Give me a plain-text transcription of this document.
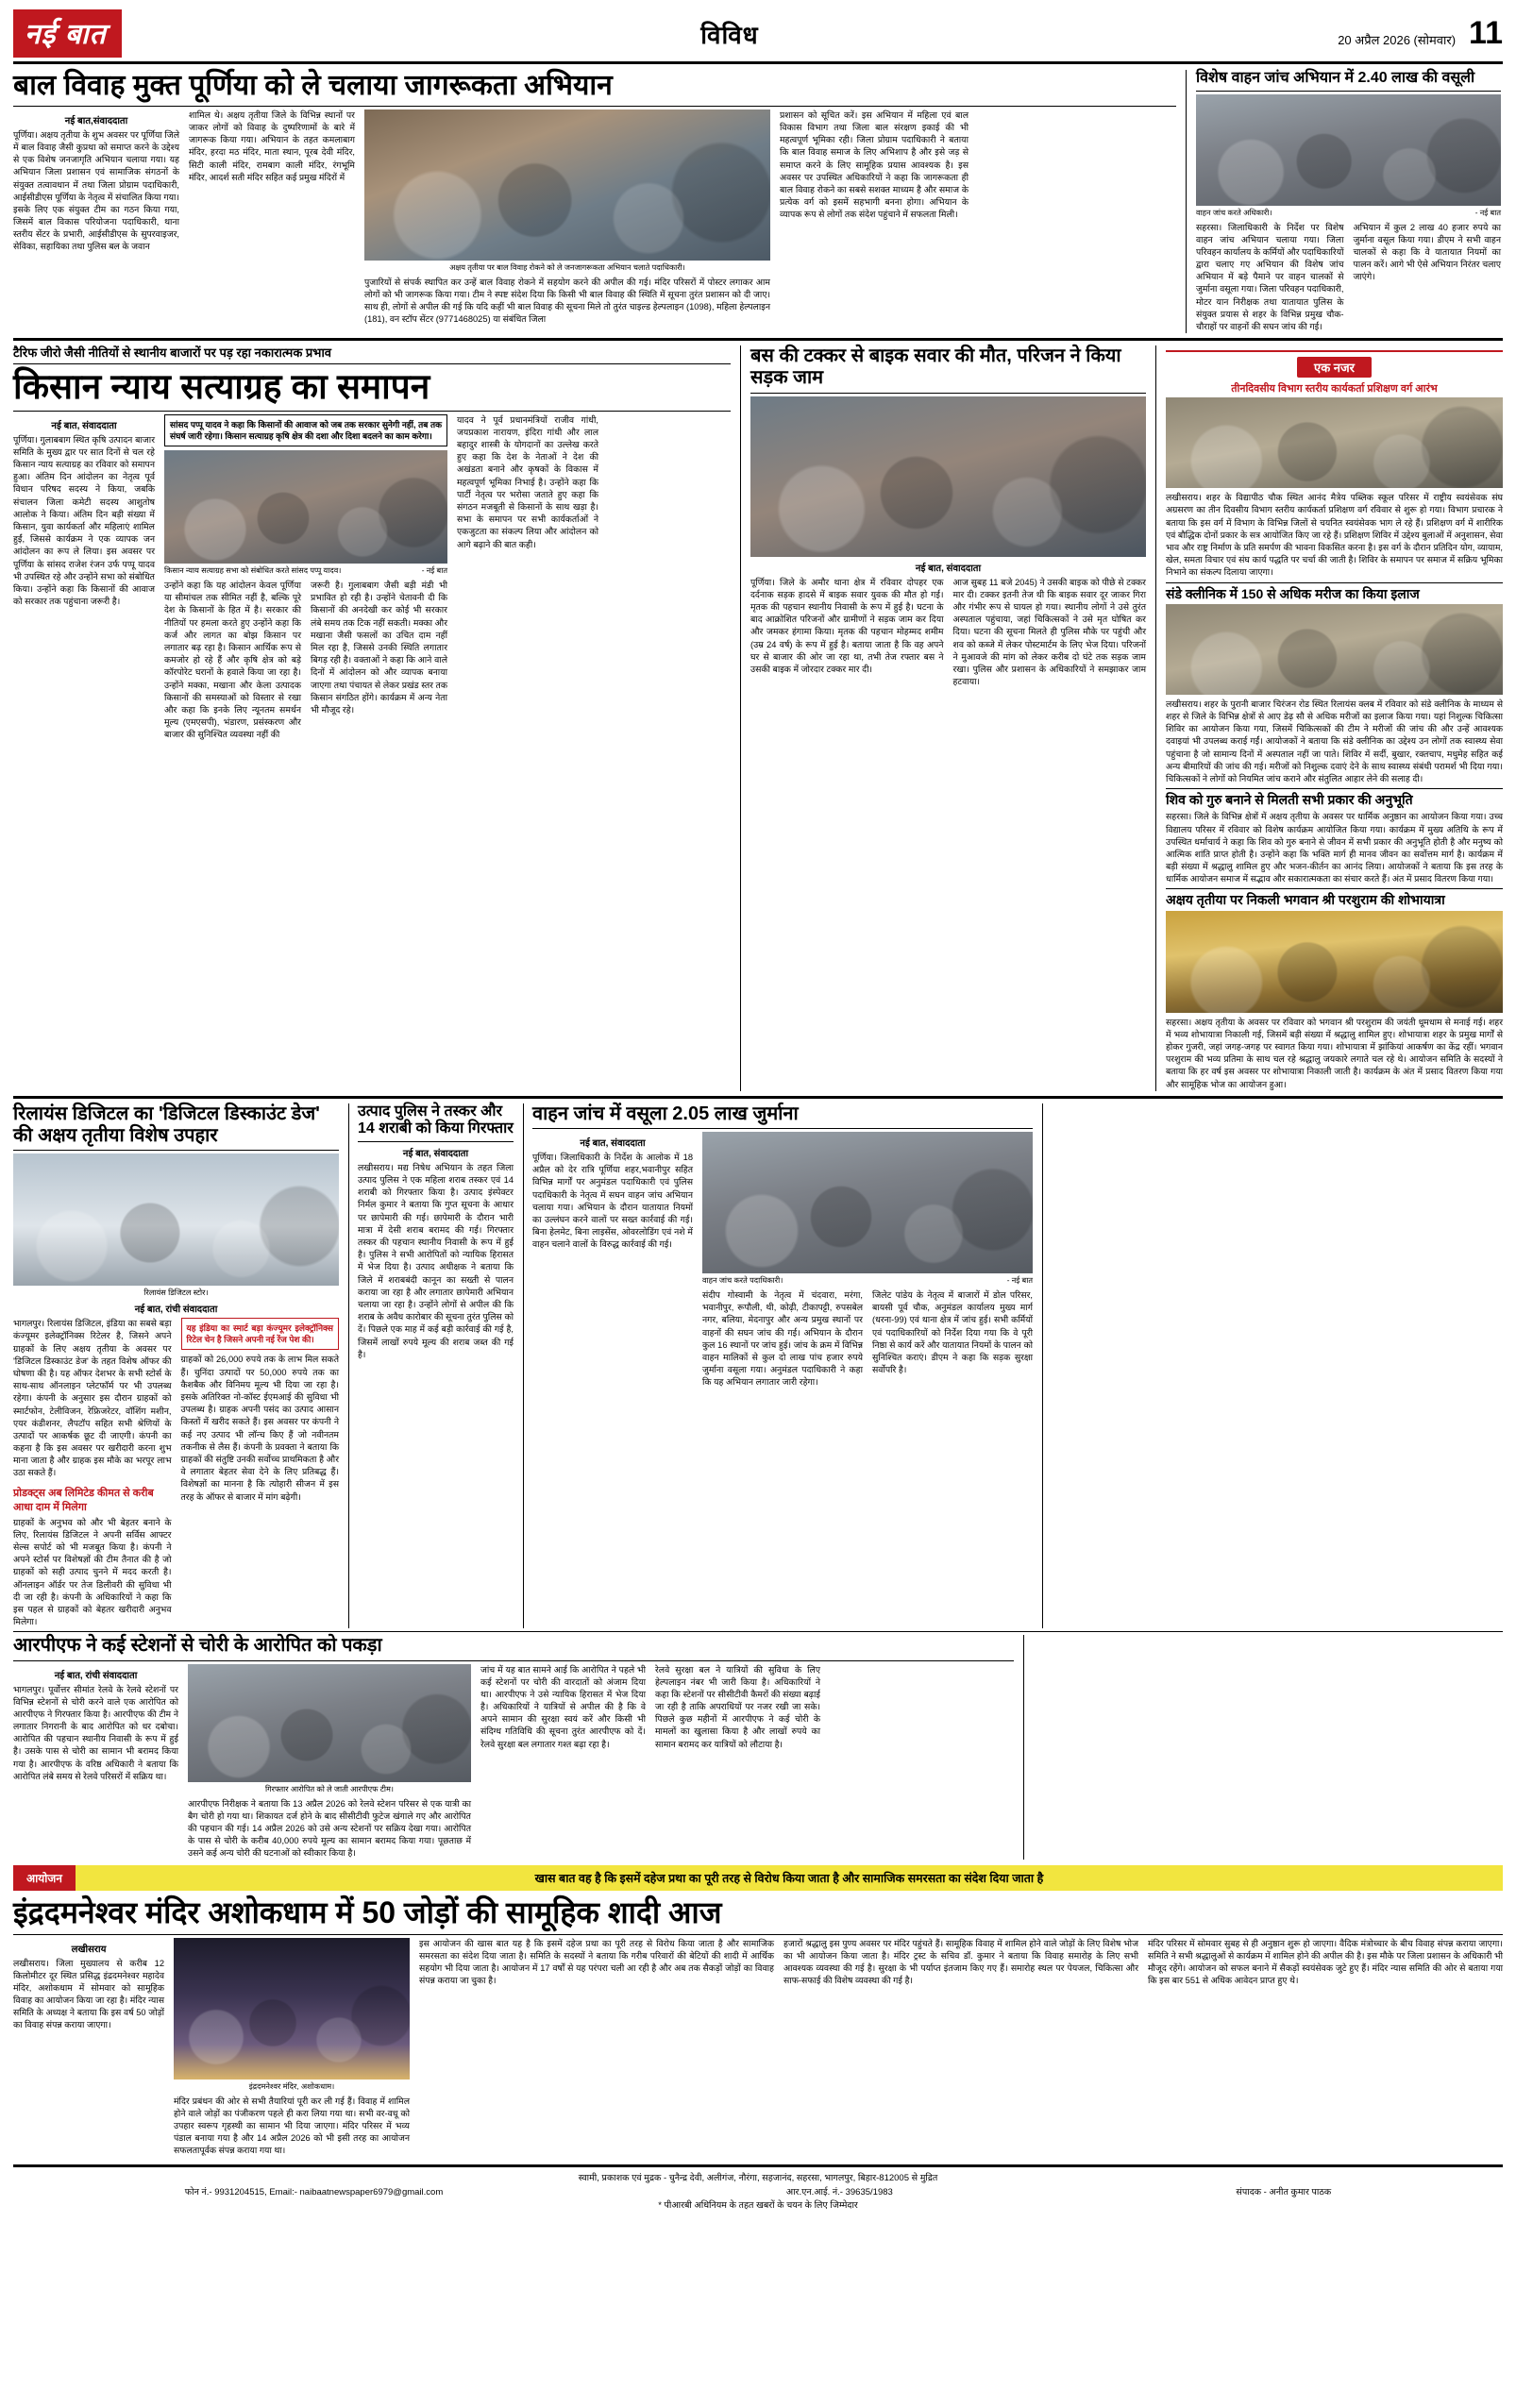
नई बात	विविध	20 अप्रैल 2026 (सोमवार) 11
बाल विवाह मुक्त पूर्णिया को ले चलाया जागरूकता अभियान
नई बात,संवाददाता
पूर्णिया। अक्षय तृतीया के शुभ अवसर पर पूर्णिया जिले में बाल विवाह जैसी कुप्रथा को समाप्त करने के उद्देश्य से एक विशेष जनजागृति अभियान चलाया गया। यह अभियान जिला प्रशासन एवं सामाजिक संगठनों के संयुक्त तत्वावधान में तथा जिला प्रोग्राम पदाधिकारी, आईसीडीएस पूर्णिया के नेतृत्व में संचालित किया गया। इसके लिए एक संयुक्त टीम का गठन किया गया, जिसमें बाल विकास परियोजना पदाधिकारी, थाना स्तरीय सेंटर के प्रभारी, आईसीडीएस के सुपरवाइजर, सेविका, सहायिका तथा पुलिस बल के जवान
शामिल थे। अक्षय तृतीया जिले के विभिन्न स्थानों पर जाकर लोगों को विवाह के दुष्परिणामों के बारे में जागरूक किया गया। अभियान के तहत कमलाबाग मंदिर, हरदा मठ मंदिर, माता स्थान, पूरब देवी मंदिर, सिटी काली मंदिर, रामबाग काली मंदिर, रंगभूमि मंदिर, आदर्श सती मंदिर सहित कई प्रमुख मंदिरों में
अक्षय तृतीया पर बाल विवाह रोकने को ले जनजागरूकता अभियान चलाते पदाधिकारी।
पुजारियों से संपर्क स्थापित कर उन्हें बाल विवाह रोकने में सहयोग करने की अपील की गई। मंदिर परिसरों में पोस्टर लगाकर आम लोगों को भी जागरूक किया गया। टीम ने स्पष्ट संदेश दिया कि किसी भी बाल विवाह की स्थिति में सूचना तुरंत प्रशासन को दी जाए। साथ ही, लोगों से अपील की गई कि यदि कहीं भी बाल विवाह की सूचना मिले तो तुरंत चाइल्ड हेल्पलाइन (1098), महिला हेल्पलाइन (181), वन स्टॉप सेंटर (9771468025) या संबंधित जिला
प्रशासन को सूचित करें। इस अभियान में महिला एवं बाल विकास विभाग तथा जिला बाल संरक्षण इकाई की भी महत्वपूर्ण भूमिका रही। जिला प्रोग्राम पदाधिकारी ने बताया कि बाल विवाह समाज के लिए अभिशाप है और इसे जड़ से समाप्त करने के लिए सामूहिक प्रयास आवश्यक है। इस अवसर पर उपस्थित अधिकारियों ने कहा कि जागरूकता ही बाल विवाह रोकने का सबसे सशक्त माध्यम है और समाज के प्रत्येक वर्ग को इसमें सहभागी बनना होगा। अभियान के व्यापक रूप से लोगों तक संदेश पहुंचाने में सफलता मिली।
विशेष वाहन जांच अभियान में 2.40 लाख की वसूली
वाहन जांच करते अधिकारी।	- नई बात
सहरसा। जिलाधिकारी के निर्देश पर विशेष वाहन जांच अभियान चलाया गया। जिला परिवहन कार्यालय के कर्मियों और पदाधिकारियों द्वारा चलाए गए अभियान की विशेष जांच अभियान में बड़े पैमाने पर वाहन चालकों से जुर्माना वसूला गया। जिला परिवहन पदाधिकारी, मोटर यान निरीक्षक तथा यातायात पुलिस के संयुक्त प्रयास से शहर के विभिन्न प्रमुख चौक-चौराहों पर वाहनों की सघन जांच की गई।
अभियान में कुल 2 लाख 40 हजार रुपये का जुर्माना वसूल किया गया। डीएम ने सभी वाहन चालकों से कहा कि वे यातायात नियमों का पालन करें। आगे भी ऐसे अभियान निरंतर चलाए जाएंगे।
टैरिफ जीरो जैसी नीतियों से स्थानीय बाजारों पर पड़ रहा नकारात्मक प्रभाव
किसान न्याय सत्याग्रह का समापन
नई बात, संवाददाता
पूर्णिया। गुलाबबाग स्थित कृषि उत्पादन बाजार समिति के मुख्य द्वार पर सात दिनों से चल रहे किसान न्याय सत्याग्रह का रविवार को समापन हुआ। अंतिम दिन आंदोलन का नेतृत्व पूर्व विधान परिषद सदस्य ने किया, जबकि संचालन जिला कमेटी सदस्य आशुतोष आलोक ने किया। अंतिम दिन बड़ी संख्या में किसान, युवा कार्यकर्ता और महिलाएं शामिल हुईं, जिससे कार्यक्रम ने एक व्यापक जन आंदोलन का रूप ले लिया। इस अवसर पर पूर्णिया के सांसद राजेश रंजन उर्फ पप्पू यादव भी उपस्थित रहे और उन्होंने सभा को संबोधित किया। उन्होंने कहा कि किसानों की आवाज को सरकार तक पहुंचाना जरूरी है।
सांसद पप्पू यादव ने कहा कि किसानों की आवाज को जब तक सरकार सुनेगी नहीं, तब तक संघर्ष जारी रहेगा। किसान सत्याग्रह कृषि क्षेत्र की दशा और दिशा बदलने का काम करेगा।
किसान न्याय सत्याग्रह सभा को संबोधित करते सांसद पप्पू यादव।	- नई बात
उन्होंने कहा कि यह आंदोलन केवल पूर्णिया या सीमांचल तक सीमित नहीं है, बल्कि पूरे देश के किसानों के हित में है। सरकार की नीतियों पर हमला करते हुए उन्होंने कहा कि कर्ज और लागत का बोझ किसान पर लगातार बढ़ रहा है। किसान आर्थिक रूप से कमजोर हो रहे हैं और कृषि क्षेत्र को बड़े कॉरपोरेट घरानों के हवाले किया जा रहा है। उन्होंने मक्का, मखाना और केला उत्पादक किसानों की समस्याओं को विस्तार से रखा और कहा कि इनके लिए न्यूनतम समर्थन मूल्य (एमएसपी), भंडारण, प्रसंस्करण और बाजार की सुनिश्चित व्यवस्था नहीं की
जरूरी है। गुलाबबाग जैसी बड़ी मंडी भी प्रभावित हो रही है। उन्होंने चेतावनी दी कि किसानों की अनदेखी कर कोई भी सरकार लंबे समय तक टिक नहीं सकती। मक्का और मखाना जैसी फसलों का उचित दाम नहीं मिल रहा है, जिससे उनकी स्थिति लगातार बिगड़ रही है। वक्ताओं ने कहा कि आने वाले दिनों में आंदोलन को और व्यापक बनाया जाएगा तथा पंचायत से लेकर प्रखंड स्तर तक किसान संगठित होंगे। कार्यक्रम में अन्य नेता भी मौजूद रहे।
यादव ने पूर्व प्रधानमंत्रियों राजीव गांधी, जयप्रकाश नारायण, इंदिरा गांधी और लाल बहादुर शास्त्री के योगदानों का उल्लेख करते हुए कहा कि देश के नेताओं ने देश की अखंडता बनाने और कृषकों के विकास में महत्वपूर्ण भूमिका निभाई है। उन्होंने कहा कि पार्टी नेतृत्व पर भरोसा जताते हुए कहा कि संगठन मजबूती से किसानों के साथ खड़ा है। सभा के समापन पर सभी कार्यकर्ताओं ने एकजुटता का संकल्प लिया और आंदोलन को आगे बढ़ाने की बात कही।
बस की टक्कर से बाइक सवार की मौत, परिजन ने किया सड़क जाम
नई बात, संवाददाता
पूर्णिया। जिले के अमौर थाना क्षेत्र में रविवार दोपहर एक दर्दनाक सड़क हादसे में बाइक सवार युवक की मौत हो गई। मृतक की पहचान स्थानीय निवासी के रूप में हुई है। घटना के बाद आक्रोशित परिजनों और ग्रामीणों ने सड़क जाम कर दिया और जमकर हंगामा किया। मृतक की पहचान मोहम्मद शमीम (उम्र 24 वर्ष) के रूप में हुई है। बताया जाता है कि वह अपने घर से बाजार की ओर जा रहा था, तभी तेज रफ्तार बस ने उसकी बाइक में जोरदार टक्कर मार दी।
आज सुबह 11 बजे 2045) ने उसकी बाइक को पीछे से टक्कर मार दी। टक्कर इतनी तेज थी कि बाइक सवार दूर जाकर गिरा और गंभीर रूप से घायल हो गया। स्थानीय लोगों ने उसे तुरंत अस्पताल पहुंचाया, जहां चिकित्सकों ने उसे मृत घोषित कर दिया। घटना की सूचना मिलते ही पुलिस मौके पर पहुंची और शव को कब्जे में लेकर पोस्टमार्टम के लिए भेज दिया। परिजनों ने मुआवजे की मांग को लेकर करीब दो घंटे तक सड़क जाम रखा। पुलिस और प्रशासन के अधिकारियों ने समझाकर जाम हटवाया।
एक नजर
तीनदिवसीय विभाग स्तरीय कार्यकर्ता प्रशिक्षण वर्ग आरंभ
लखीसराय। शहर के विद्यापीठ चौक स्थित आनंद मैत्रेय पब्लिक स्कूल परिसर में राष्ट्रीय स्वयंसेवक संघ अग्रसरण का तीन दिवसीय विभाग स्तरीय कार्यकर्ता प्रशिक्षण वर्ग रविवार से शुरू हो गया। विभाग प्रचारक ने बताया कि इस वर्ग में विभाग के विभिन्न जिलों से चयनित स्वयंसेवक भाग ले रहे हैं। प्रशिक्षण वर्ग में शारीरिक एवं बौद्धिक दोनों प्रकार के सत्र आयोजित किए जा रहे हैं। प्रशिक्षण शिविर में उद्देश्य बुलाओं में अनुशासन, सेवा भाव और राष्ट्र निर्माण के प्रति समर्पण की भावना विकसित करना है। इस वर्ग के दौरान प्रतिदिन योग, व्यायाम, खेल, समता विचार एवं संघ कार्य पद्धति पर चर्चा की जाती है। शिविर के समापन पर समाज में सक्रिय भूमिका निभाने का संकल्प दिलाया जाएगा।
संडे क्लीनिक में 150 से अधिक मरीज का किया इलाज
लखीसराय। शहर के पुरानी बाजार चिरंजन रोड स्थित रिलायंस क्लब में रविवार को संडे क्लीनिक के माध्यम से शहर से जिले के विभिन्न क्षेत्रों से आए डेढ़ सौ से अधिक मरीजों का इलाज किया गया। यहां निशुल्क चिकित्सा शिविर का आयोजन किया गया, जिसमें चिकित्सकों की टीम ने मरीजों की जांच की और उन्हें आवश्यक दवाइयां भी उपलब्ध कराई गईं। आयोजकों ने बताया कि संडे क्लीनिक का उद्देश्य उन लोगों तक स्वास्थ्य सेवा पहुंचाना है जो सामान्य दिनों में अस्पताल नहीं जा पाते। शिविर में सर्दी, बुखार, रक्तचाप, मधुमेह सहित कई अन्य बीमारियों की जांच की गई। मरीजों को निशुल्क दवाएं देने के साथ स्वास्थ्य संबंधी परामर्श भी दिया गया। चिकित्सकों ने लोगों को नियमित जांच कराने और संतुलित आहार लेने की सलाह दी।
शिव को गुरु बनाने से मिलती सभी प्रकार की अनुभूति
सहरसा। जिले के विभिन्न क्षेत्रों में अक्षय तृतीया के अवसर पर धार्मिक अनुष्ठान का आयोजन किया गया। उच्च विद्यालय परिसर में रविवार को विशेष कार्यक्रम आयोजित किया गया। कार्यक्रम में मुख्य अतिथि के रूप में उपस्थित धर्माचार्य ने कहा कि शिव को गुरु बनाने से जीवन में सभी प्रकार की अनुभूति होती है और मनुष्य को आत्मिक शांति प्राप्त होती है। उन्होंने कहा कि भक्ति मार्ग ही मानव जीवन का सर्वोत्तम मार्ग है। कार्यक्रम में बड़ी संख्या में श्रद्धालु शामिल हुए और भजन-कीर्तन का आनंद लिया। आयोजकों ने बताया कि इस तरह के धार्मिक आयोजन समाज में सद्भाव और सकारात्मकता का संचार करते हैं। अंत में प्रसाद वितरण किया गया।
अक्षय तृतीया पर निकली भगवान श्री परशुराम की शोभायात्रा
सहरसा। अक्षय तृतीया के अवसर पर रविवार को भगवान श्री परशुराम की जयंती धूमधाम से मनाई गई। शहर में भव्य शोभायात्रा निकाली गई, जिसमें बड़ी संख्या में श्रद्धालु शामिल हुए। शोभायात्रा शहर के प्रमुख मार्गों से होकर गुजरी, जहां जगह-जगह पर स्वागत किया गया। शोभायात्रा में झांकियां आकर्षण का केंद्र रहीं। भगवान परशुराम की भव्य प्रतिमा के साथ चल रहे श्रद्धालु जयकारे लगाते चल रहे थे। आयोजन समिति के सदस्यों ने बताया कि हर वर्ष इस अवसर पर शोभायात्रा निकाली जाती है। कार्यक्रम के अंत में प्रसाद वितरण किया गया और सामूहिक भोज का आयोजन हुआ।
रिलायंस डिजिटल का 'डिजिटल डिस्काउंट डेज' की अक्षय तृतीया विशेष उपहार
रिलायंस डिजिटल स्टोर।
नई बात, रांची संवाददाता
भागलपुर। रिलायंस डिजिटल, इंडिया का सबसे बड़ा कंज्यूमर इलेक्ट्रॉनिक्स रिटेलर है, जिसने अपने ग्राहकों के लिए अक्षय तृतीया के अवसर पर 'डिजिटल डिस्काउंट डेज' के तहत विशेष ऑफर की घोषणा की है। यह ऑफर देशभर के सभी स्टोर्स के साथ-साथ ऑनलाइन प्लेटफॉर्म पर भी उपलब्ध रहेगा। कंपनी के अनुसार इस दौरान ग्राहकों को स्मार्टफोन, टेलीविजन, रेफ्रिजरेटर, वॉशिंग मशीन, एयर कंडीशनर, लैपटॉप सहित सभी श्रेणियों के उत्पादों पर आकर्षक छूट दी जाएगी। कंपनी का कहना है कि इस अवसर पर खरीदारी करना शुभ माना जाता है और ग्राहक इस मौके का भरपूर लाभ उठा सकते हैं।
प्रोडक्ट्स अब लिमिटेड कीमत से करीब आधा दाम में मिलेगा
ग्राहकों के अनुभव को और भी बेहतर बनाने के लिए, रिलायंस डिजिटल ने अपनी सर्विस आफ्टर सेल्स सपोर्ट को भी मजबूत किया है। कंपनी ने अपने स्टोर्स पर विशेषज्ञों की टीम तैनात की है जो ग्राहकों को सही उत्पाद चुनने में मदद करती है। ऑनलाइन ऑर्डर पर तेज डिलीवरी की सुविधा भी दी जा रही है। कंपनी के अधिकारियों ने कहा कि इस पहल से ग्राहकों को बेहतर खरीदारी अनुभव मिलेगा।
यह इंडिया का स्मार्ट बड़ा कंज्यूमर इलेक्ट्रॉनिक्स रिटेल चेन है जिसने अपनी नई रेंज पेश की।
ग्राहकों को 26,000 रुपये तक के लाभ मिल सकते हैं। चुनिंदा उत्पादों पर 50,000 रुपये तक का कैशबैक और विनिमय मूल्य भी दिया जा रहा है। इसके अतिरिक्त नो-कॉस्ट ईएमआई की सुविधा भी उपलब्ध है। ग्राहक अपनी पसंद का उत्पाद आसान किस्तों में खरीद सकते हैं। इस अवसर पर कंपनी ने कई नए उत्पाद भी लॉन्च किए हैं जो नवीनतम तकनीक से लैस हैं। कंपनी के प्रवक्ता ने बताया कि ग्राहकों की संतुष्टि उनकी सर्वोच्च प्राथमिकता है और वे लगातार बेहतर सेवा देने के लिए प्रतिबद्ध हैं। विशेषज्ञों का मानना है कि त्योहारी सीजन में इस तरह के ऑफर से बाजार में मांग बढ़ेगी।
उत्पाद पुलिस ने तस्कर और 14 शराबी को किया गिरफ्तार
नई बात, संवाददाता
लखीसराय। मद्य निषेध अभियान के तहत जिला उत्पाद पुलिस ने एक महिला शराब तस्कर एवं 14 शराबी को गिरफ्तार किया है। उत्पाद इंस्पेक्टर निर्मल कुमार ने बताया कि गुप्त सूचना के आधार पर छापेमारी की गई। छापेमारी के दौरान भारी मात्रा में देसी शराब बरामद की गई। गिरफ्तार तस्कर की पहचान स्थानीय निवासी के रूप में हुई है। पुलिस ने सभी आरोपितों को न्यायिक हिरासत में भेज दिया है। उत्पाद अधीक्षक ने बताया कि जिले में शराबबंदी कानून का सख्ती से पालन कराया जा रहा है और लगातार छापेमारी अभियान चलाया जा रहा है। उन्होंने लोगों से अपील की कि शराब के अवैध कारोबार की सूचना तुरंत पुलिस को दें। पिछले एक माह में कई बड़ी कार्रवाई की गई है, जिसमें लाखों रुपये मूल्य की शराब जब्त की गई है।
वाहन जांच में वसूला 2.05 लाख जुर्माना
नई बात, संवाददाता
पूर्णिया। जिलाधिकारी के निर्देश के आलोक में 18 अप्रैल को देर रात्रि पूर्णिया शहर,भवानीपुर सहित विभिन्न मार्गों पर अनुमंडल पदाधिकारी एवं पुलिस पदाधिकारी के नेतृत्व में सघन वाहन जांच अभियान चलाया गया। अभियान के दौरान यातायात नियमों का उल्लंघन करने वालों पर सख्त कार्रवाई की गई। बिना हेलमेट, बिना लाइसेंस, ओवरलोडिंग एवं नशे में वाहन चलाने वालों के विरुद्ध कार्रवाई की गई।
वाहन जांच करते पदाधिकारी।	- नई बात
संदीप गोस्वामी के नेतृत्व में चंदवारा, मरंगा, भवानीपुर, रूपौली, थी, कोढ़ी, टीकापट्टी, रुपसबेल नगर, बलिया, मेदनापुर और अन्य प्रमुख स्थानों पर वाहनों की सघन जांच की गई। अभियान के दौरान कुल 16 स्थानों पर जांच हुई। जांच के क्रम में विभिन्न वाहन मालिकों से कुल दो लाख पांच हजार रुपये जुर्माना वसूला गया। अनुमंडल पदाधिकारी ने कहा कि यह अभियान लगातार जारी रहेगा।
जिलेट पांडेय के नेतृत्व में बाजारों में डोल परिसर, बायसी पूर्व चौक, अनुमंडल कार्यालय मुख्य मार्ग (धरना-99) एवं थाना क्षेत्र में जांच हुई। सभी कर्मियों एवं पदाधिकारियों को निर्देश दिया गया कि वे पूरी निष्ठा से कार्य करें और यातायात नियमों के पालन को सुनिश्चित कराएं। डीएम ने कहा कि सड़क सुरक्षा सर्वोपरि है।
आरपीएफ ने कई स्टेशनों से चोरी के आरोपित को पकड़ा
नई बात, रांची संवाददाता
भागलपुर। पूर्वोत्तर सीमांत रेलवे के रेलवे स्टेशनों पर विभिन्न स्टेशनों से चोरी करने वाले एक आरोपित को आरपीएफ ने गिरफ्तार किया है। आरपीएफ की टीम ने लगातार निगरानी के बाद आरोपित को धर दबोचा। आरोपित की पहचान स्थानीय निवासी के रूप में हुई है। उसके पास से चोरी का सामान भी बरामद किया गया है। आरपीएफ के वरिष्ठ अधिकारी ने बताया कि आरोपित लंबे समय से रेलवे परिसरों में सक्रिय था।
गिरफ्तार आरोपित को ले जाती आरपीएफ टीम।
आरपीएफ निरीक्षक ने बताया कि 13 अप्रैल 2026 को रेलवे स्टेशन परिसर से एक यात्री का बैग चोरी हो गया था। शिकायत दर्ज होने के बाद सीसीटीवी फुटेज खंगाले गए और आरोपित की पहचान की गई। 14 अप्रैल 2026 को उसे अन्य स्टेशनों पर सक्रिय देखा गया। आरोपित के पास से चोरी के करीब 40,000 रुपये मूल्य का सामान बरामद किया गया। पूछताछ में उसने कई अन्य चोरी की घटनाओं को स्वीकार किया है।
जांच में यह बात सामने आई कि आरोपित ने पहले भी कई स्टेशनों पर चोरी की वारदातों को अंजाम दिया था। आरपीएफ ने उसे न्यायिक हिरासत में भेज दिया है। अधिकारियों ने यात्रियों से अपील की है कि वे अपने सामान की सुरक्षा स्वयं करें और किसी भी संदिग्ध गतिविधि की सूचना तुरंत आरपीएफ को दें। रेलवे सुरक्षा बल लगातार गश्त बढ़ा रहा है।
रेलवे सुरक्षा बल ने यात्रियों की सुविधा के लिए हेल्पलाइन नंबर भी जारी किया है। अधिकारियों ने कहा कि स्टेशनों पर सीसीटीवी कैमरों की संख्या बढ़ाई जा रही है ताकि अपराधियों पर नजर रखी जा सके। पिछले कुछ महीनों में आरपीएफ ने कई चोरी के मामलों का खुलासा किया है और लाखों रुपये का सामान बरामद कर यात्रियों को लौटाया है।
आयोजन	खास बात वह है कि इसमें दहेज प्रथा का पूरी तरह से विरोध किया जाता है और सामाजिक समरसता का संदेश दिया जाता है
इंद्रदमनेश्वर मंदिर अशोकधाम में 50 जोड़ों की सामूहिक शादी आज
लखीसराय
लखीसराय। जिला मुख्यालय से करीब 12 किलोमीटर दूर स्थित प्रसिद्ध इंद्रदमनेश्वर महादेव मंदिर, अशोकधाम में सोमवार को सामूहिक विवाह का आयोजन किया जा रहा है। मंदिर न्यास समिति के अध्यक्ष ने बताया कि इस वर्ष 50 जोड़ों का विवाह संपन्न कराया जाएगा।
इंद्रदमनेश्वर मंदिर, अशोकधाम।
मंदिर प्रबंधन की ओर से सभी तैयारियां पूरी कर ली गई हैं। विवाह में शामिल होने वाले जोड़ों का पंजीकरण पहले ही करा लिया गया था। सभी वर-वधू को उपहार स्वरूप गृहस्थी का सामान भी दिया जाएगा। मंदिर परिसर में भव्य पंडाल बनाया गया है और 14 अप्रैल 2026 को भी इसी तरह का आयोजन सफलतापूर्वक संपन्न कराया गया था।
इस आयोजन की खास बात यह है कि इसमें दहेज प्रथा का पूरी तरह से विरोध किया जाता है और सामाजिक समरसता का संदेश दिया जाता है। समिति के सदस्यों ने बताया कि गरीब परिवारों की बेटियों की शादी में आर्थिक सहयोग भी दिया जाता है। आयोजन में 17 वर्षों से यह परंपरा चली आ रही है और अब तक सैकड़ों जोड़ों का विवाह संपन्न कराया जा चुका है।
हजारों श्रद्धालु इस पुण्य अवसर पर मंदिर पहुंचते हैं। सामूहिक विवाह में शामिल होने वाले जोड़ों के लिए विशेष भोज का भी आयोजन किया जाता है। मंदिर ट्रस्ट के सचिव डॉ. कुमार ने बताया कि विवाह समारोह के लिए सभी आवश्यक व्यवस्था की गई है। सुरक्षा के भी पर्याप्त इंतजाम किए गए हैं। समारोह स्थल पर पेयजल, चिकित्सा और साफ-सफाई की विशेष व्यवस्था की गई है।
मंदिर परिसर में सोमवार सुबह से ही अनुष्ठान शुरू हो जाएगा। वैदिक मंत्रोच्चार के बीच विवाह संपन्न कराया जाएगा। समिति ने सभी श्रद्धालुओं से कार्यक्रम में शामिल होने की अपील की है। इस मौके पर जिला प्रशासन के अधिकारी भी मौजूद रहेंगे। आयोजन को सफल बनाने में सैकड़ों स्वयंसेवक जुटे हुए हैं। मंदिर न्यास समिति की ओर से बताया गया कि इस बार 551 से अधिक आवेदन प्राप्त हुए थे।
स्वामी, प्रकाशक एवं मुद्रक - चुनैन्द्र देवी, अलीगंज, नौरंगा, सहजानंद, सहरसा, भागलपुर, बिहार-812005 से मुद्रित
फोन नं.- 9931204515, Email:- naibaatnewspaper6979@gmail.com	आर.एन.आई. नं.- 39635/1983	संपादक - अनीत कुमार पाठक
* पीआरबी अधिनियम के तहत खबरों के चयन के लिए जिम्मेदार
